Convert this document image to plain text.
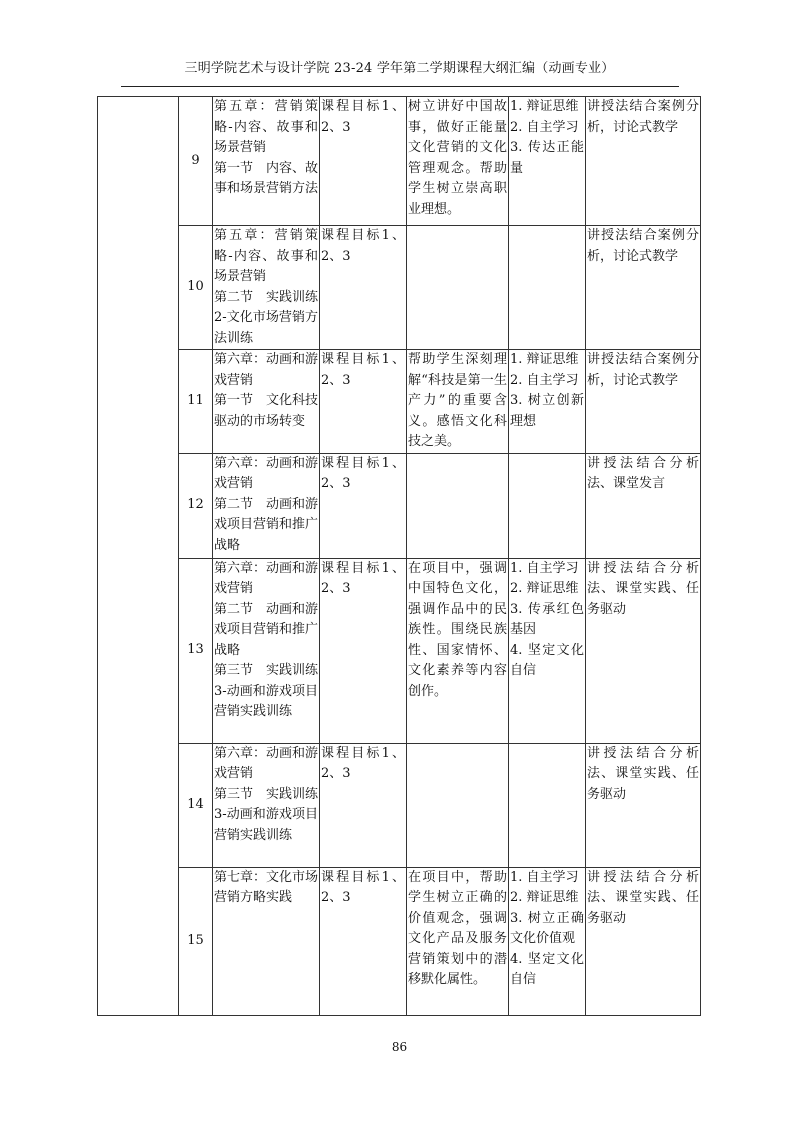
三明学院艺术与设计学院 23-24 学年第二学期课程大纲汇编（动画专业）
	9	第五章：营销策略-内容、故事和场景营销
第一节　内容、故事和场景营销方法	课程目标1、2、3	树立讲好中国故事，做好正能量文化营销的文化管理观念。帮助学生树立崇高职业理想。	1. 辩证思维
2. 自主学习
3. 传达正能量	讲授法结合案例分析，讨论式教学
	10	第五章：营销策略-内容、故事和场景营销
第二节　实践训练2-文化市场营销方法训练	课程目标1、2、3			讲授法结合案例分析，讨论式教学
	11	第六章：动画和游戏营销
第一节　文化科技驱动的市场转变	课程目标1、2、3	帮助学生深刻理解“科技是第一生产力”的重要含义。感悟文化科技之美。	1. 辩证思维
2. 自主学习
3. 树立创新理想	讲授法结合案例分析，讨论式教学
	12	第六章：动画和游戏营销
第二节　动画和游戏项目营销和推广战略	课程目标1、2、3			讲授法结合分析法、课堂发言
	13	第六章：动画和游戏营销
第二节　动画和游戏项目营销和推广战略
第三节　实践训练3-动画和游戏项目营销实践训练	课程目标1、2、3	在项目中，强调中国特色文化，强调作品中的民族性。围绕民族性、国家情怀、文化素养等内容创作。	1. 自主学习
2. 辩证思维
3. 传承红色基因
4. 坚定文化自信	讲授法结合分析法、课堂实践、任务驱动
	14	第六章：动画和游戏营销
第三节　实践训练3-动画和游戏项目营销实践训练	课程目标1、2、3			讲授法结合分析法、课堂实践、任务驱动
	15	第七章：文化市场营销方略实践	课程目标1、2、3	在项目中，帮助学生树立正确的价值观念，强调文化产品及服务营销策划中的潜移默化属性。	1. 自主学习
2. 辩证思维
3. 树立正确文化价值观
4. 坚定文化自信	讲授法结合分析法、课堂实践、任务驱动
86
